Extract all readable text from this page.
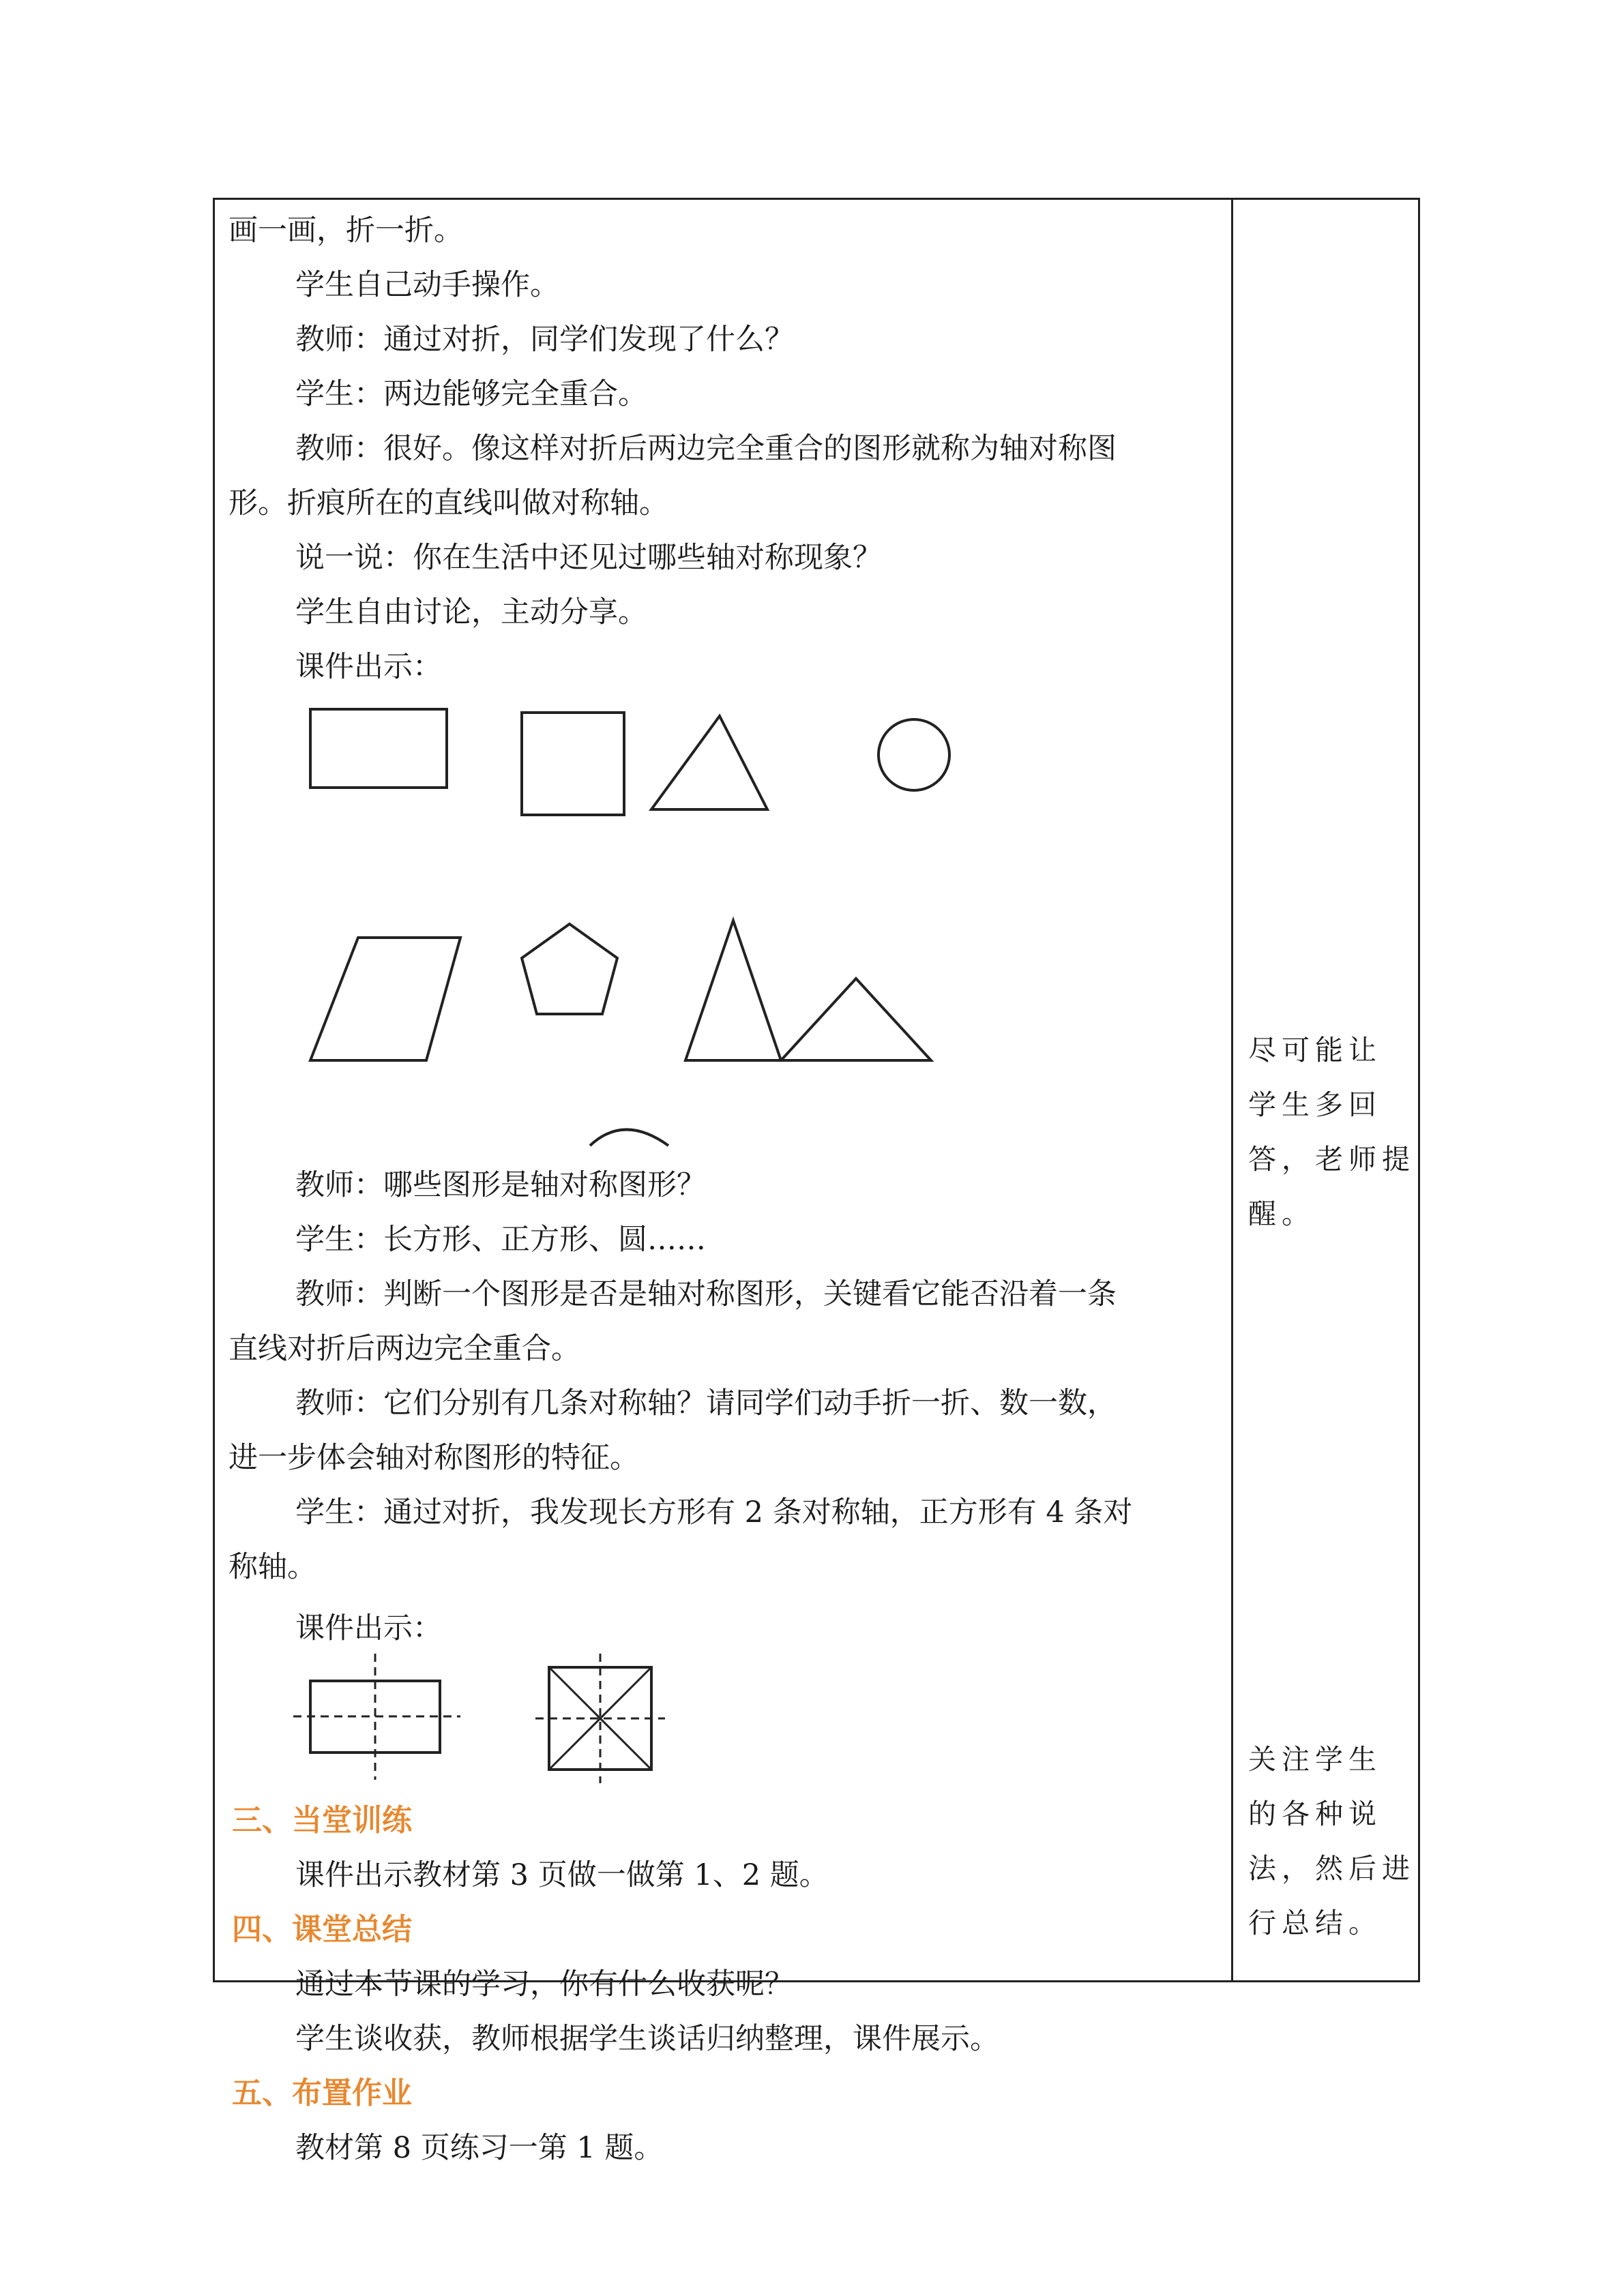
画一画，折一折。
学生自己动手操作。
教师：通过对折，同学们发现了什么？
学生：两边能够完全重合。
教师：很好。像这样对折后两边完全重合的图形就称为轴对称图
形。折痕所在的直线叫做对称轴。
说一说：你在生活中还见过哪些轴对称现象？
学生自由讨论，主动分享。
课件出示：
教师：哪些图形是轴对称图形？
学生：长方形、正方形、圆……
教师：判断一个图形是否是轴对称图形，关键看它能否沿着一条
直线对折后两边完全重合。
教师：它们分别有几条对称轴？请同学们动手折一折、数一数，
进一步体会轴对称图形的特征。
学生：通过对折，我发现长方形有 2 条对称轴，正方形有 4 条对
称轴。
课件出示：
三、当堂训练
课件出示教材第 3 页做一做第 1、2 题。
四、课堂总结
通过本节课的学习，你有什么收获呢？
学生谈收获，教师根据学生谈话归纳整理，课件展示。
五、布置作业
教材第 8 页练习一第 1 题。
尽可能让
学生多回
答，老师提
醒。
关注学生
的各种说
法，然后进
行总结。
